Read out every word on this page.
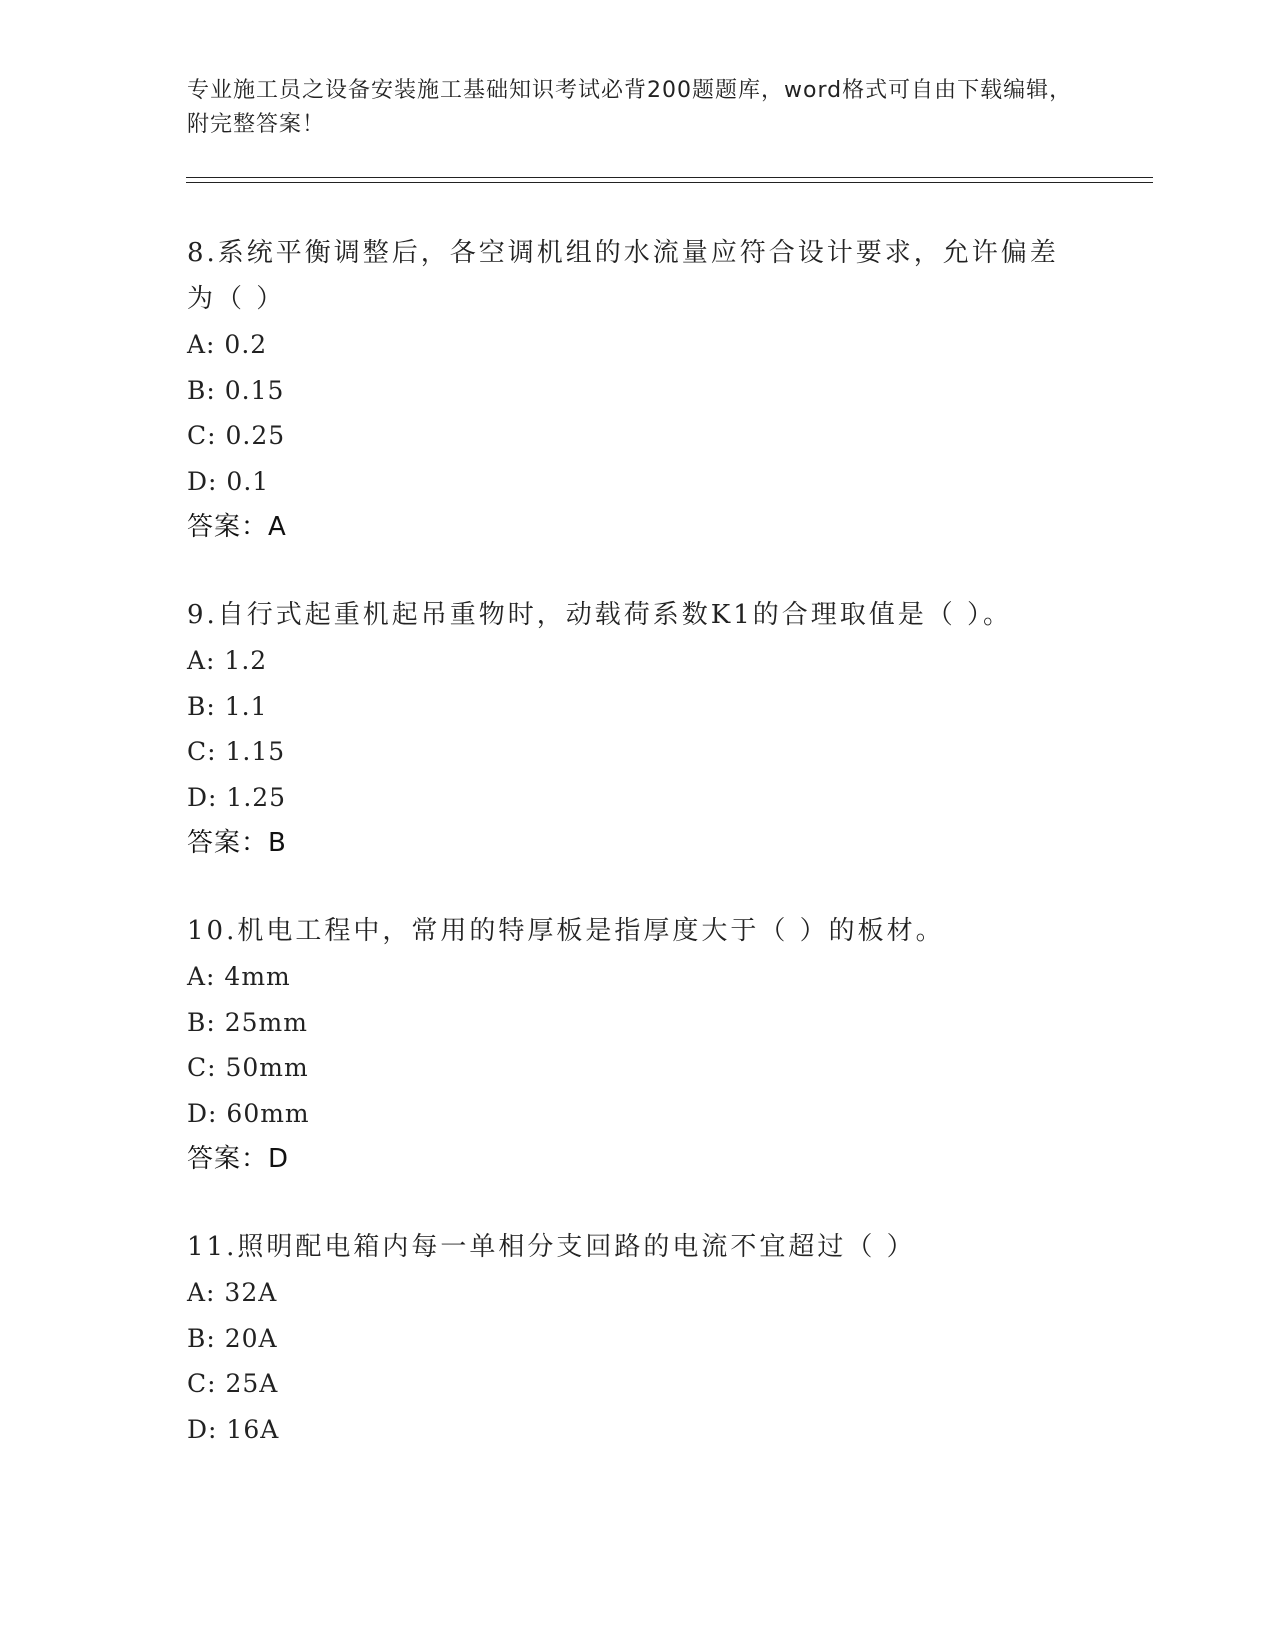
专业施工员之设备安装施工基础知识考试必背200题题库，word格式可自由下载编辑，附完整答案！

8.系统平衡调整后，各空调机组的水流量应符合设计要求，允许偏差为（ ）

A: 0.2

B: 0.15

C: 0.25

D: 0.1

答案：A

9.自行式起重机起吊重物时，动载荷系数K1的合理取值是（ ）。

A: 1.2

B: 1.1

C: 1.15

D: 1.25

答案：B

10.机电工程中，常用的特厚板是指厚度大于（ ）的板材。

A: 4mm

B: 25mm

C: 50mm

D: 60mm

答案：D

11.照明配电箱内每一单相分支回路的电流不宜超过（ ）

A: 32A

B: 20A

C: 25A

D: 16A
